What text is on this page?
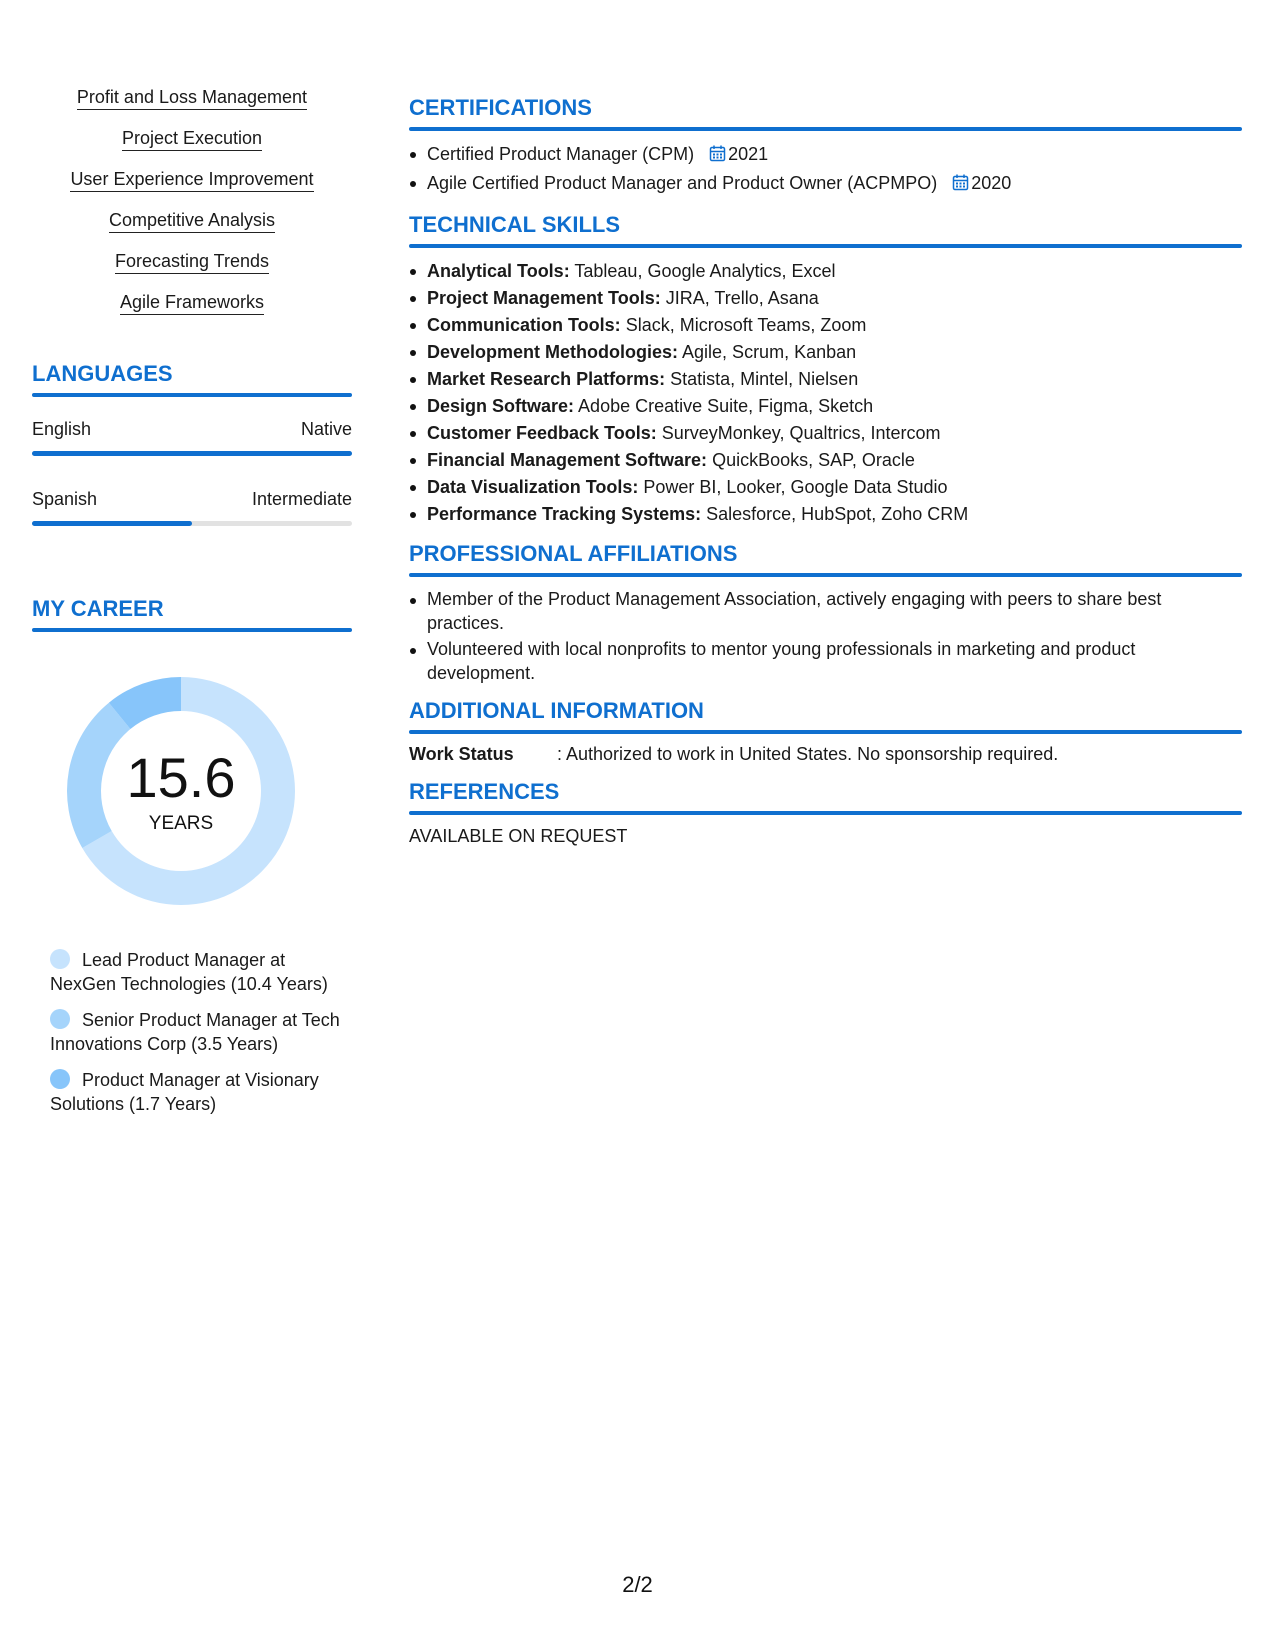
Profit and Loss Management
Project Execution
User Experience Improvement
Competitive Analysis
Forecasting Trends
Agile Frameworks
LANGUAGES
English	Native
Spanish	Intermediate
MY CAREER
15.6
YEARS
Lead Product Manager at NexGen Technologies (10.4 Years)
Senior Product Manager at Tech Innovations Corp (3.5 Years)
Product Manager at Visionary Solutions (1.7 Years)
CERTIFICATIONS
Certified Product Manager (CPM) 2021
Agile Certified Product Manager and Product Owner (ACPMPO) 2020
TECHNICAL SKILLS
Analytical Tools: Tableau, Google Analytics, Excel
Project Management Tools: JIRA, Trello, Asana
Communication Tools: Slack, Microsoft Teams, Zoom
Development Methodologies: Agile, Scrum, Kanban
Market Research Platforms: Statista, Mintel, Nielsen
Design Software: Adobe Creative Suite, Figma, Sketch
Customer Feedback Tools: SurveyMonkey, Qualtrics, Intercom
Financial Management Software: QuickBooks, SAP, Oracle
Data Visualization Tools: Power BI, Looker, Google Data Studio
Performance Tracking Systems: Salesforce, HubSpot, Zoho CRM
PROFESSIONAL AFFILIATIONS
Member of the Product Management Association, actively engaging with peers to share best practices.
Volunteered with local nonprofits to mentor young professionals in marketing and product development.
ADDITIONAL INFORMATION
Work Status	: Authorized to work in United States. No sponsorship required.
REFERENCES
AVAILABLE ON REQUEST
2/2
